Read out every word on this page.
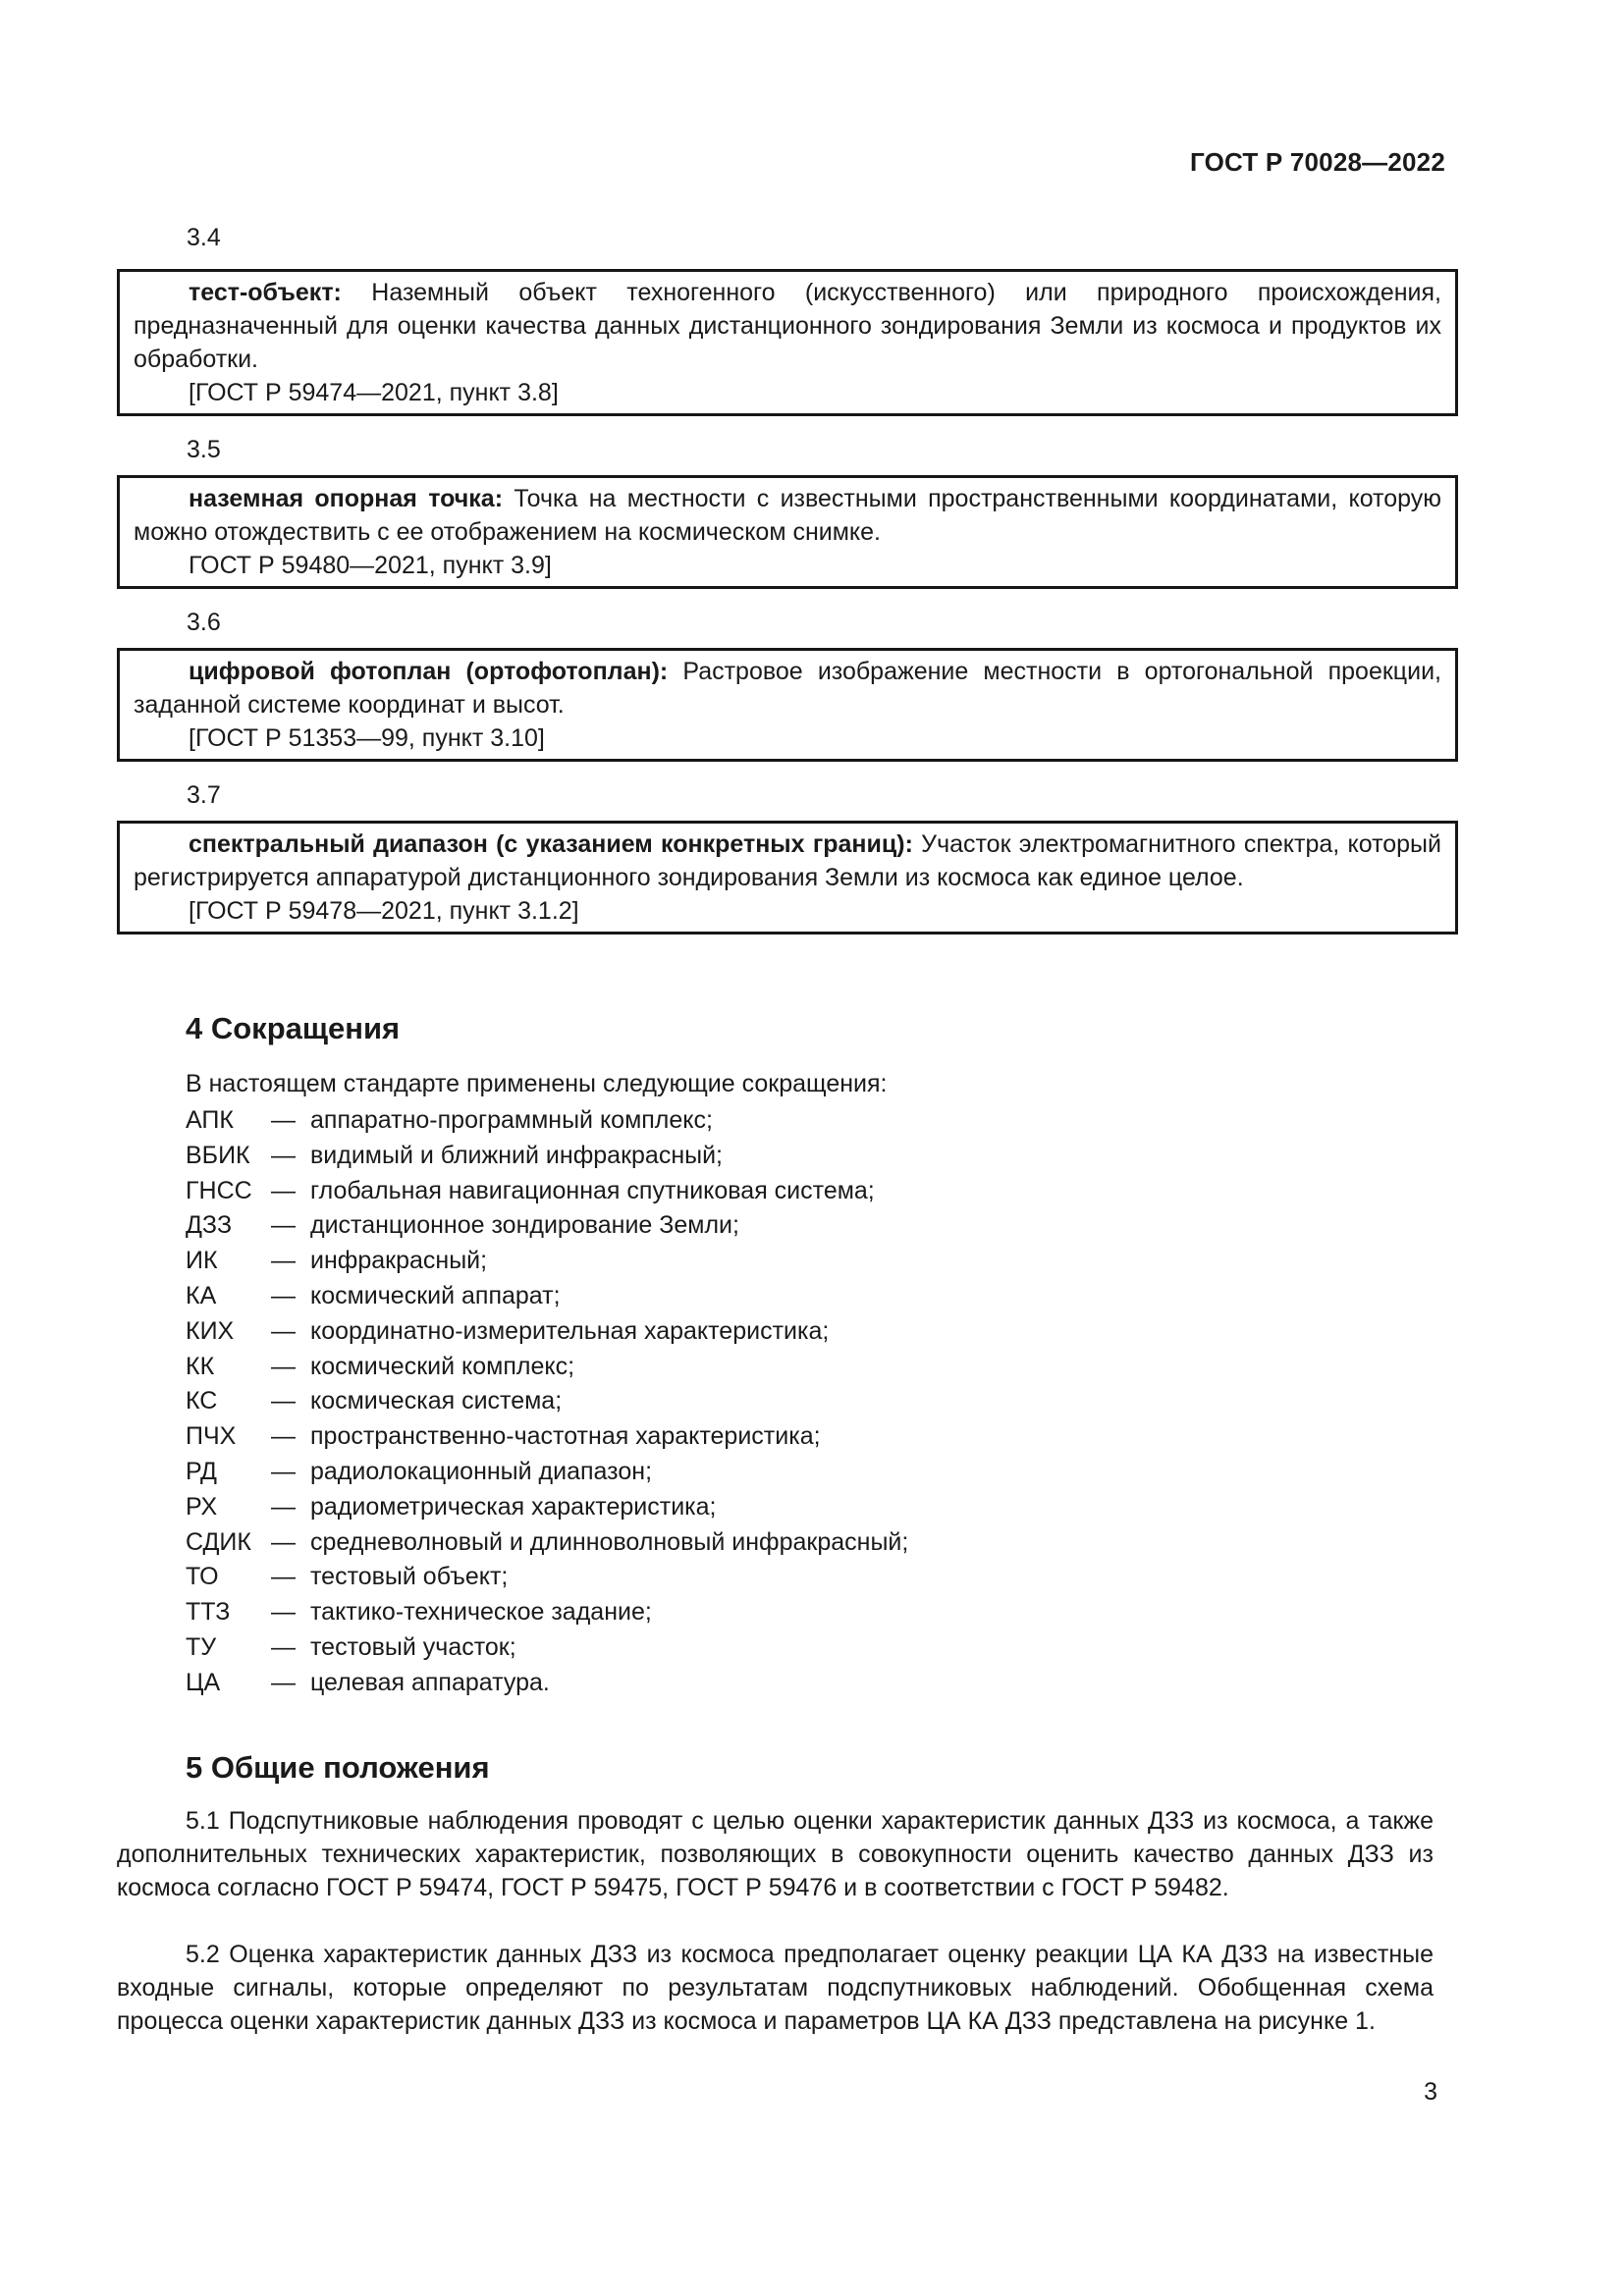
ГОСТ Р 70028—2022
3.4

тест-объект: Наземный объект техногенного (искусственного) или природного происхождения, предназначенный для оценки качества данных дистанционного зондирования Земли из космоса и продуктов их обработки.

[ГОСТ Р 59474—2021, пункт 3.8]

3.5

наземная опорная точка: Точка на местности с известными пространственными координатами, которую можно отождествить с ее отображением на космическом снимке.

ГОСТ Р 59480—2021, пункт 3.9]

3.6

цифровой фотоплан (ортофотоплан): Растровое изображение местности в ортогональной проекции, заданной системе координат и высот.

[ГОСТ Р 51353—99, пункт 3.10]

3.7

спектральный диапазон (с указанием конкретных границ): Участок электромагнитного спектра, который регистрируется аппаратурой дистанционного зондирования Земли из космоса как единое целое.

[ГОСТ Р 59478—2021, пункт 3.1.2]

4 Сокращения
В настоящем стандарте применены следующие сокращения:
АПК — аппаратно-программный комплекс;
ВБИК — видимый и ближний инфракрасный;
ГНСС — глобальная навигационная спутниковая система;
ДЗЗ — дистанционное зондирование Земли;
ИК — инфракрасный;
КА — космический аппарат;
КИХ — координатно-измерительная характеристика;
КК — космический комплекс;
КС — космическая система;
ПЧХ — пространственно-частотная характеристика;
РД — радиолокационный диапазон;
РХ — радиометрическая характеристика;
СДИК — средневолновый и длинноволновый инфракрасный;
ТО — тестовый объект;
ТТЗ — тактико-техническое задание;
ТУ — тестовый участок;
ЦА — целевая аппаратура.
5 Общие положения

5.1 Подспутниковые наблюдения проводят с целью оценки характеристик данных ДЗЗ из космоса, а также дополнительных технических характеристик, позволяющих в совокупности оценить качество данных ДЗЗ из космоса согласно ГОСТ Р 59474, ГОСТ Р 59475, ГОСТ Р 59476 и в соответствии с ГОСТ Р 59482.

5.2 Оценка характеристик данных ДЗЗ из космоса предполагает оценку реакции ЦА КА ДЗЗ на известные входные сигналы, которые определяют по результатам подспутниковых наблюдений. Обобщенная схема процесса оценки характеристик данных ДЗЗ из космоса и параметров ЦА КА ДЗЗ представлена на рисунке 1.

3
